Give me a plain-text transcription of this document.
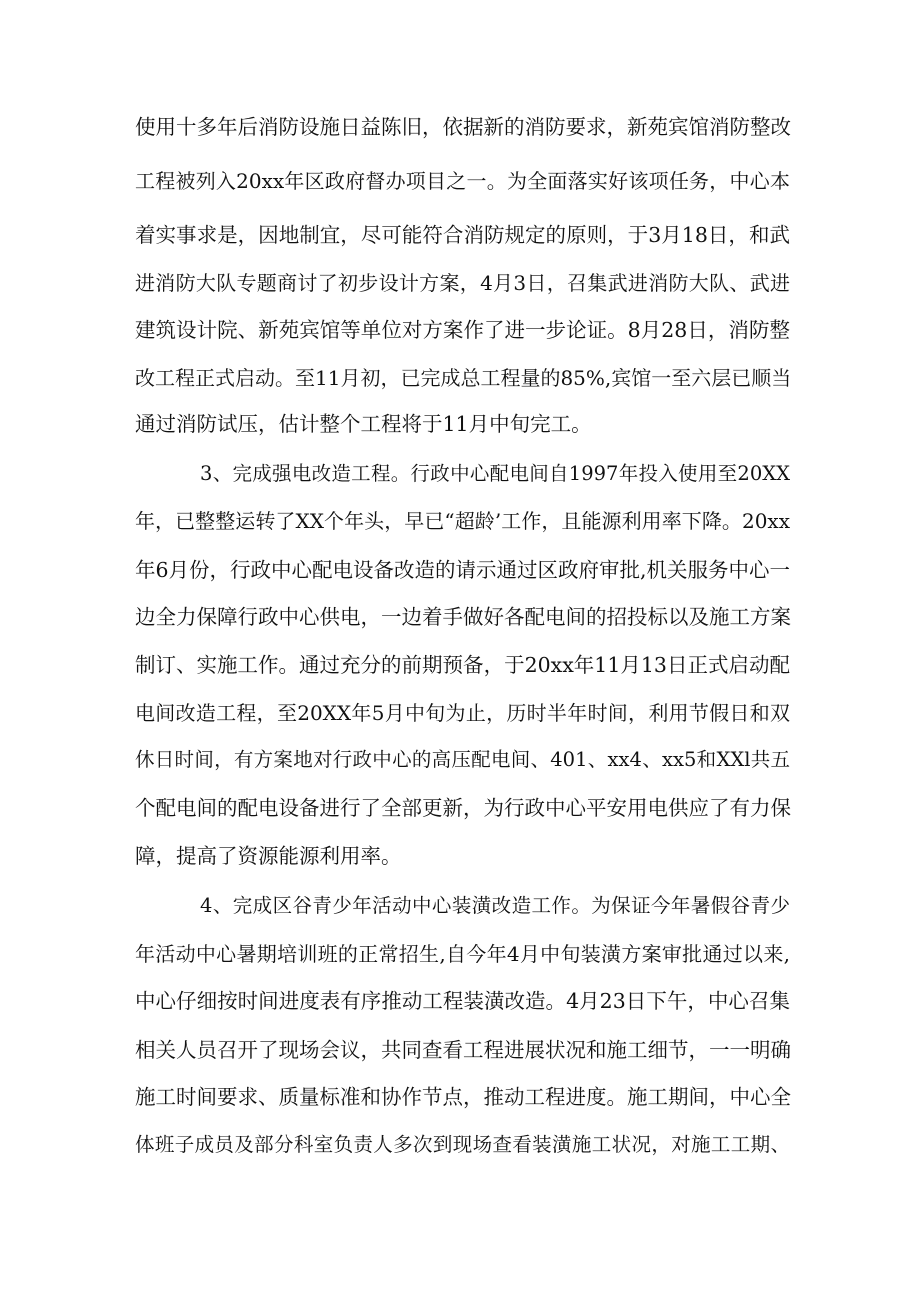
使用十多年后消防设施日益陈旧，依据新的消防要求，新苑宾馆消防整改
工程被列入20xx年区政府督办项目之一。为全面落实好该项任务，中心本
着实事求是，因地制宜，尽可能符合消防规定的原则，于3月18日，和武
进消防大队专题商讨了初步设计方案，4月3日，召集武进消防大队、武进
建筑设计院、新苑宾馆等单位对方案作了进一步论证。8月28日，消防整
改工程正式启动。至11月初，已完成总工程量的85%,宾馆一至六层已顺当
通过消防试压，估计整个工程将于11月中旬完工。
3、完成强电改造工程。行政中心配电间自1997年投入使用至20XX
年，已整整运转了XX个年头，早已“超龄’工作，且能源利用率下降。20xx
年6月份，行政中心配电设备改造的请示通过区政府审批,机关服务中心一
边全力保障行政中心供电，一边着手做好各配电间的招投标以及施工方案
制订、实施工作。通过充分的前期预备，于20xx年11月13日正式启动配
电间改造工程，至20XX年5月中旬为止，历时半年时间，利用节假日和双
休日时间，有方案地对行政中心的高压配电间、401、xx4、xx5和XXl共五
个配电间的配电设备进行了全部更新，为行政中心平安用电供应了有力保
障，提高了资源能源利用率。
4、完成区谷青少年活动中心装潢改造工作。为保证今年暑假谷青少
年活动中心暑期培训班的正常招生,自今年4月中旬装潢方案审批通过以来,
中心仔细按时间进度表有序推动工程装潢改造。4月23日下午，中心召集
相关人员召开了现场会议，共同查看工程进展状况和施工细节，一一明确
施工时间要求、质量标准和协作节点，推动工程进度。施工期间，中心全
体班子成员及部分科室负责人多次到现场查看装潢施工状况，对施工工期、
